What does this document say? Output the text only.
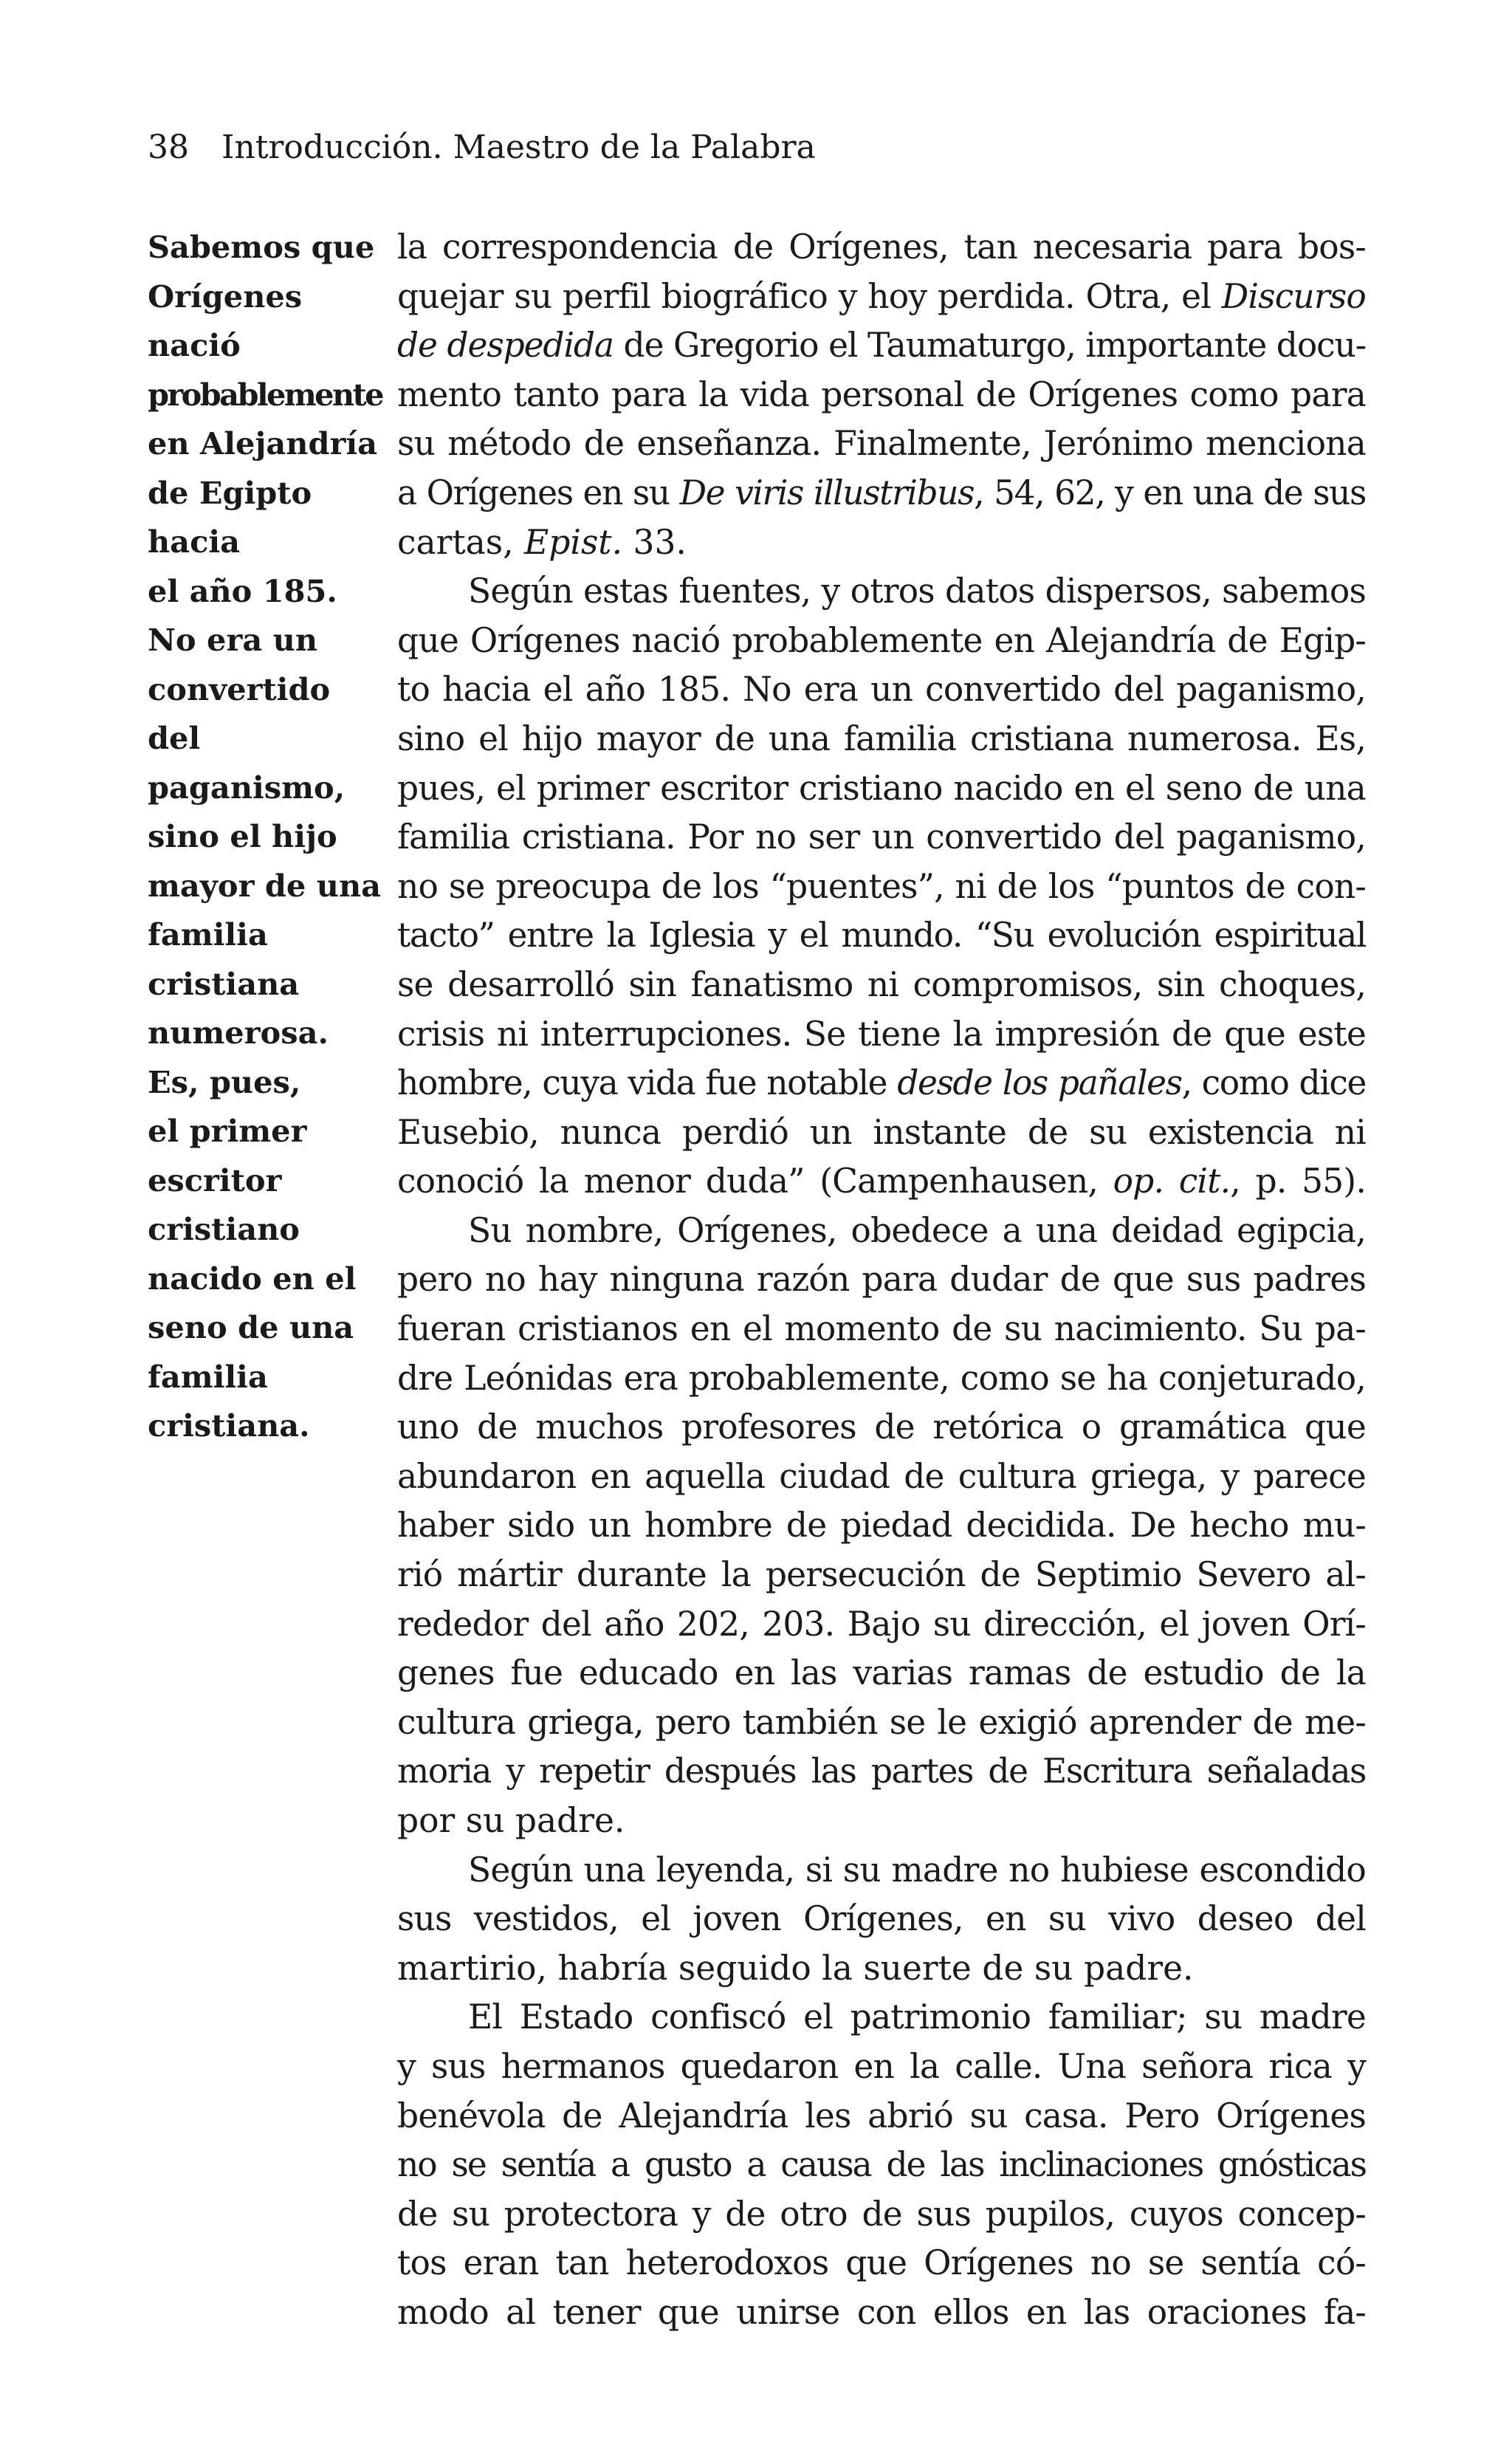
38 Introducción. Maestro de la Palabra
Sabemos que
Orígenes
nació
probablemente
en Alejandría
de Egipto
hacia
el año 185.
No era un
convertido
del
paganismo,
sino el hijo
mayor de una
familia
cristiana
numerosa.
Es, pues,
el primer
escritor
cristiano
nacido en el
seno de una
familia
cristiana.
la correspondencia de Orígenes, tan necesaria para bos-
quejar su perfil biográfico y hoy perdida. Otra, el Discurso
de despedida de Gregorio el Taumaturgo, importante docu-
mento tanto para la vida personal de Orígenes como para
su método de enseñanza. Finalmente, Jerónimo menciona
a Orígenes en su De viris illustribus, 54, 62, y en una de sus
cartas, Epist. 33.
Según estas fuentes, y otros datos dispersos, sabemos
que Orígenes nació probablemente en Alejandría de Egip-
to hacia el año 185. No era un convertido del paganismo,
sino el hijo mayor de una familia cristiana numerosa. Es,
pues, el primer escritor cristiano nacido en el seno de una
familia cristiana. Por no ser un convertido del paganismo,
no se preocupa de los “puentes”, ni de los “puntos de con-
tacto” entre la Iglesia y el mundo. “Su evolución espiritual
se desarrolló sin fanatismo ni compromisos, sin choques,
crisis ni interrupciones. Se tiene la impresión de que este
hombre, cuya vida fue notable desde los pañales, como dice
Eusebio, nunca perdió un instante de su existencia ni
conoció la menor duda” (Campenhausen, op. cit., p. 55).
Su nombre, Orígenes, obedece a una deidad egipcia,
pero no hay ninguna razón para dudar de que sus padres
fueran cristianos en el momento de su nacimiento. Su pa-
dre Leónidas era probablemente, como se ha conjeturado,
uno de muchos profesores de retórica o gramática que
abundaron en aquella ciudad de cultura griega, y parece
haber sido un hombre de piedad decidida. De hecho mu-
rió mártir durante la persecución de Septimio Severo al-
rededor del año 202, 203. Bajo su dirección, el joven Orí-
genes fue educado en las varias ramas de estudio de la
cultura griega, pero también se le exigió aprender de me-
moria y repetir después las partes de Escritura señaladas
por su padre.
Según una leyenda, si su madre no hubiese escondido
sus vestidos, el joven Orígenes, en su vivo deseo del
martirio, habría seguido la suerte de su padre.
El Estado confiscó el patrimonio familiar; su madre
y sus hermanos quedaron en la calle. Una señora rica y
benévola de Alejandría les abrió su casa. Pero Orígenes
no se sentía a gusto a causa de las inclinaciones gnósticas
de su protectora y de otro de sus pupilos, cuyos concep-
tos eran tan heterodoxos que Orígenes no se sentía có-
modo al tener que unirse con ellos en las oraciones fa-
